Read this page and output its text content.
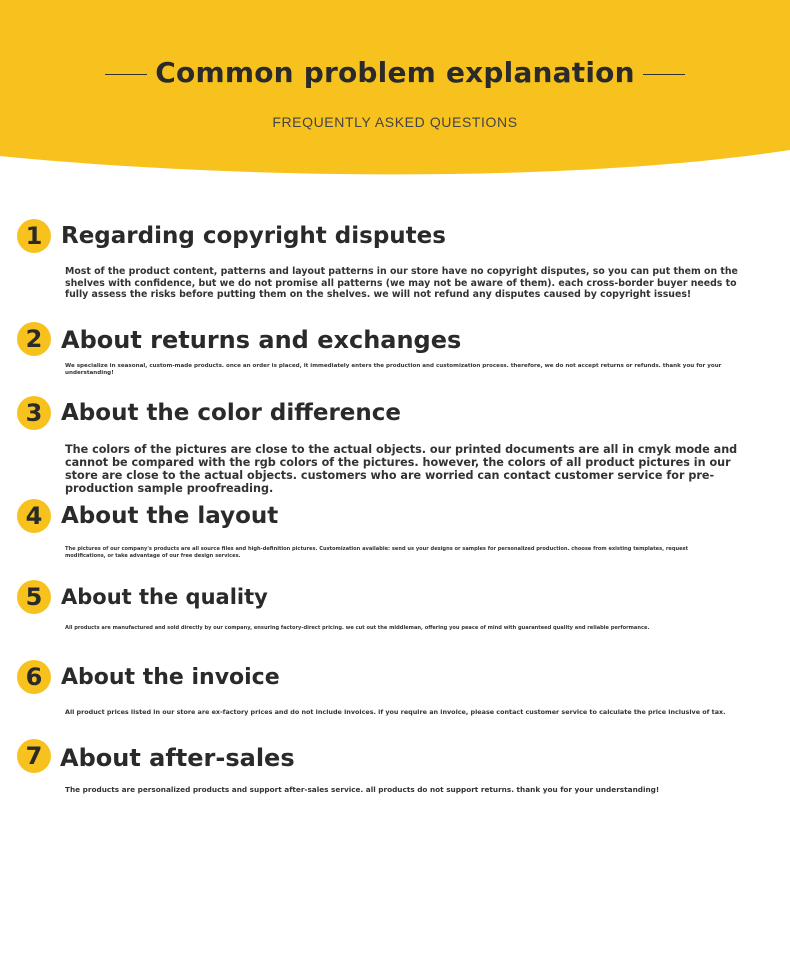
Common problem explanation
FREQUENTLY ASKED QUESTIONS
1 Regarding copyright disputes
Most of the product content, patterns and layout patterns in our store have no copyright disputes, so you can put them on the shelves with confidence, but we do not promise all patterns (we may not be aware of them). each cross-border buyer needs to fully assess the risks before putting them on the shelves. we will not refund any disputes caused by copyright issues!
2 About returns and exchanges
We specialize in seasonal, custom-made products. once an order is placed, it immediately enters the production and customization process. therefore, we do not accept returns or refunds. thank you for your understanding!
3 About the color difference
The colors of the pictures are close to the actual objects. our printed documents are all in cmyk mode and cannot be compared with the rgb colors of the pictures. however, the colors of all product pictures in our store are close to the actual objects. customers who are worried can contact customer service for pre-production sample proofreading.
4 About the layout
The pictures of our company's products are all source files and high-definition pictures. Customization available: send us your designs or samples for personalized production. choose from existing templates, request modifications, or take advantage of our free design services.
5 About the quality
All products are manufactured and sold directly by our company, ensuring factory-direct pricing. we cut out the middleman, offering you peace of mind with guaranteed quality and reliable performance.
6 About the invoice
All product prices listed in our store are ex-factory prices and do not include invoices. if you require an invoice, please contact customer service to calculate the price inclusive of tax.
7 About after-sales
The products are personalized products and support after-sales service. all products do not support returns. thank you for your understanding!
